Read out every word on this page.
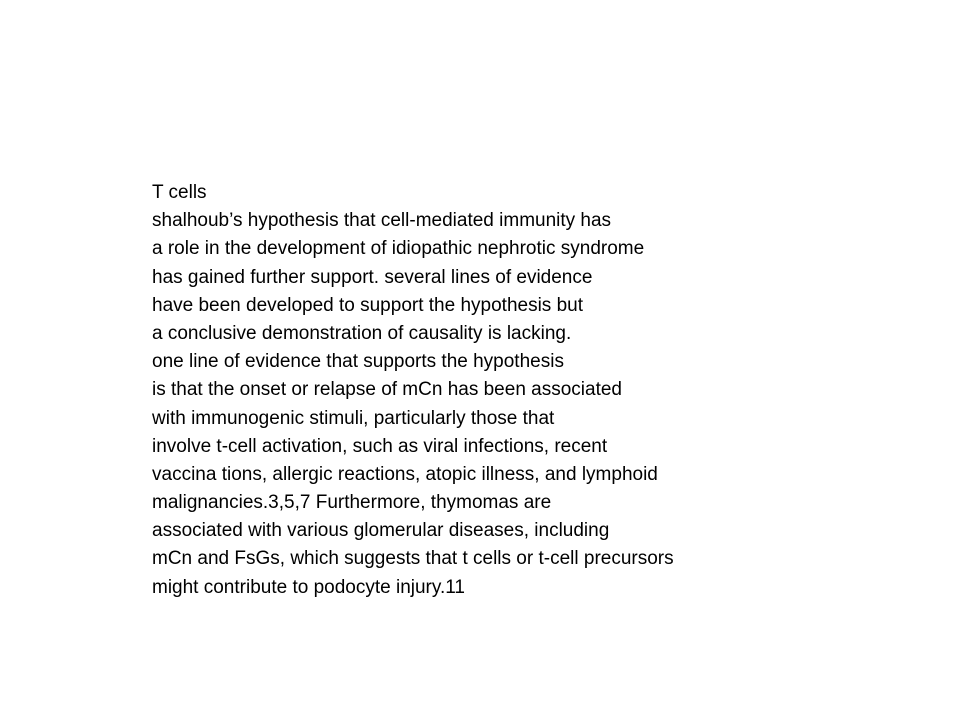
T cells
shalhoub’s hypothesis that cell-mediated immunity has
a role in the development of idiopathic nephrotic syndrome
has gained further support. several lines of evidence
have been developed to support the hypothesis but
a conclusive demonstration of causality is lacking.
one line of evidence that supports the hypothesis
is that the onset or relapse of mCn has been associated
with immunogenic stimuli, particularly those that
involve t-cell activation, such as viral infections, recent
vaccina tions, allergic reactions, atopic illness, and lymphoid
malignancies.3,5,7 Furthermore, thymomas are
associated with various glomerular diseases, including
mCn and FsGs, which suggests that t cells or t-cell precursors
might contribute to podocyte injury.11
